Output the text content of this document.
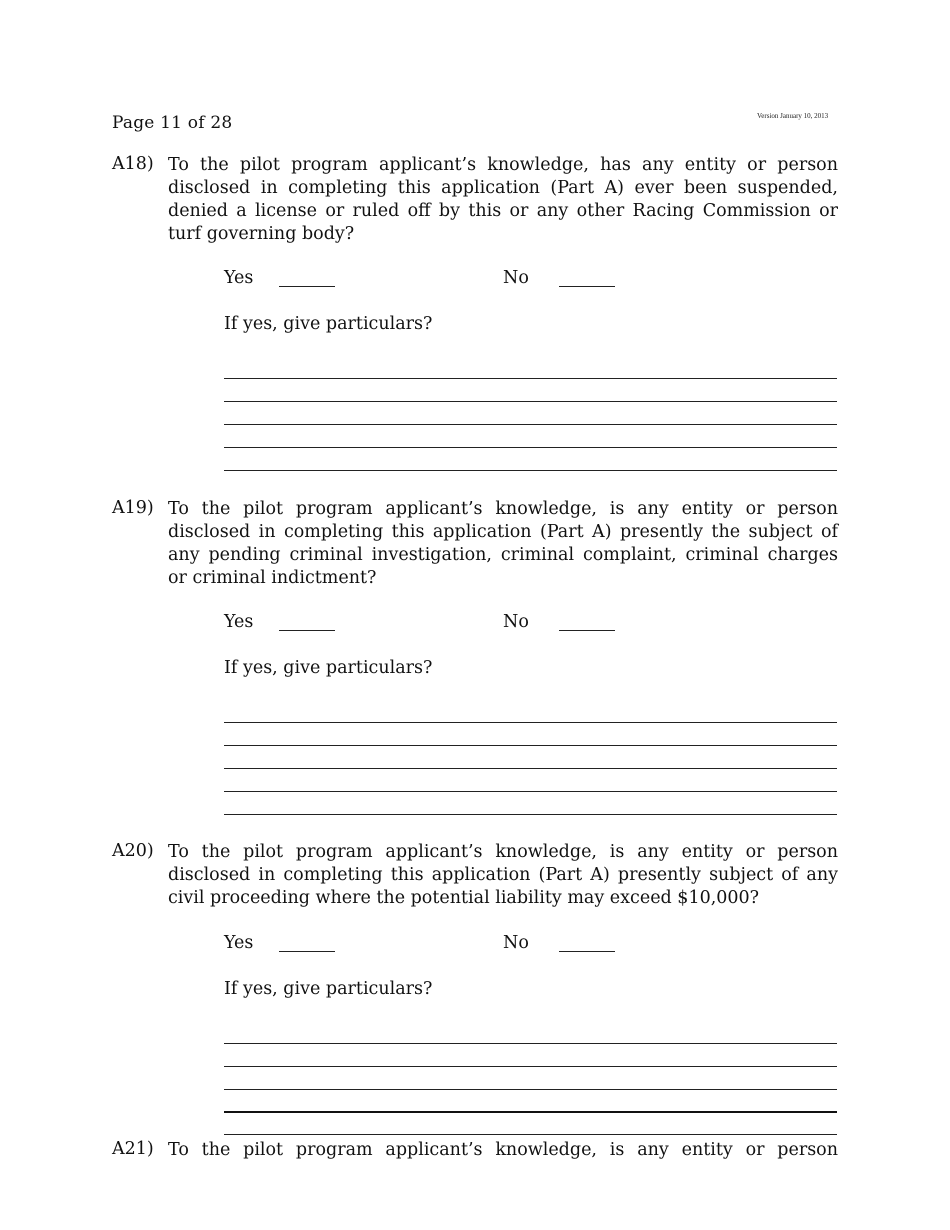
Page 11 of 28	Version January 10, 2013
A18) To the pilot program applicant’s knowledge, has any entity or person disclosed in completing this application (Part A) ever been suspended, denied a license or ruled off by this or any other Racing Commission or turf governing body?
Yes	No
If yes, give particulars?
A19) To the pilot program applicant’s knowledge, is any entity or person disclosed in completing this application (Part A) presently the subject of any pending criminal investigation, criminal complaint, criminal charges or criminal indictment?
Yes	No
If yes, give particulars?
A20) To the pilot program applicant’s knowledge, is any entity or person disclosed in completing this application (Part A) presently subject of any civil proceeding where the potential liability may exceed $10,000?
Yes	No
If yes, give particulars?
A21) To the pilot program applicant’s knowledge, is any entity or person
